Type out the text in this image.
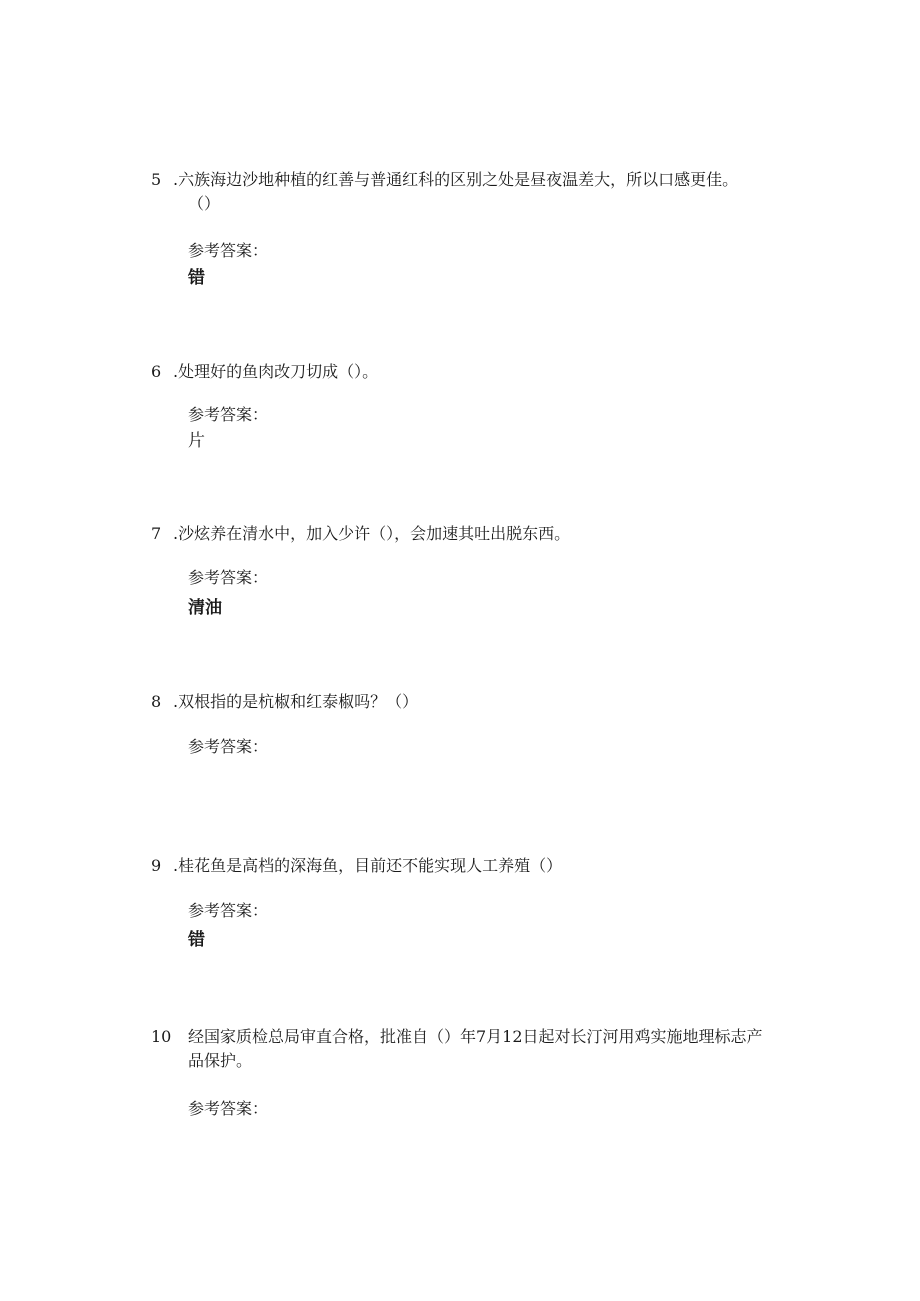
5 .六族海边沙地种植的红善与普通红科的区别之处是昼夜温差大，所以口感更佳。
（）
参考答案：
错
6 .处理好的鱼肉改刀切成（）。
参考答案：
片
7 .沙炫养在清水中，加入少许（），会加速其吐出脱东西。
参考答案：
清油
8 .双根指的是杭椒和红泰椒吗？（）
参考答案：
9 .桂花鱼是高档的深海鱼，目前还不能实现人工养殖（）
参考答案：
错
10 经国家质检总局审直合格，批准自（）年7月12日起对长汀河用鸡实施地理标志产
品保护。
参考答案：
